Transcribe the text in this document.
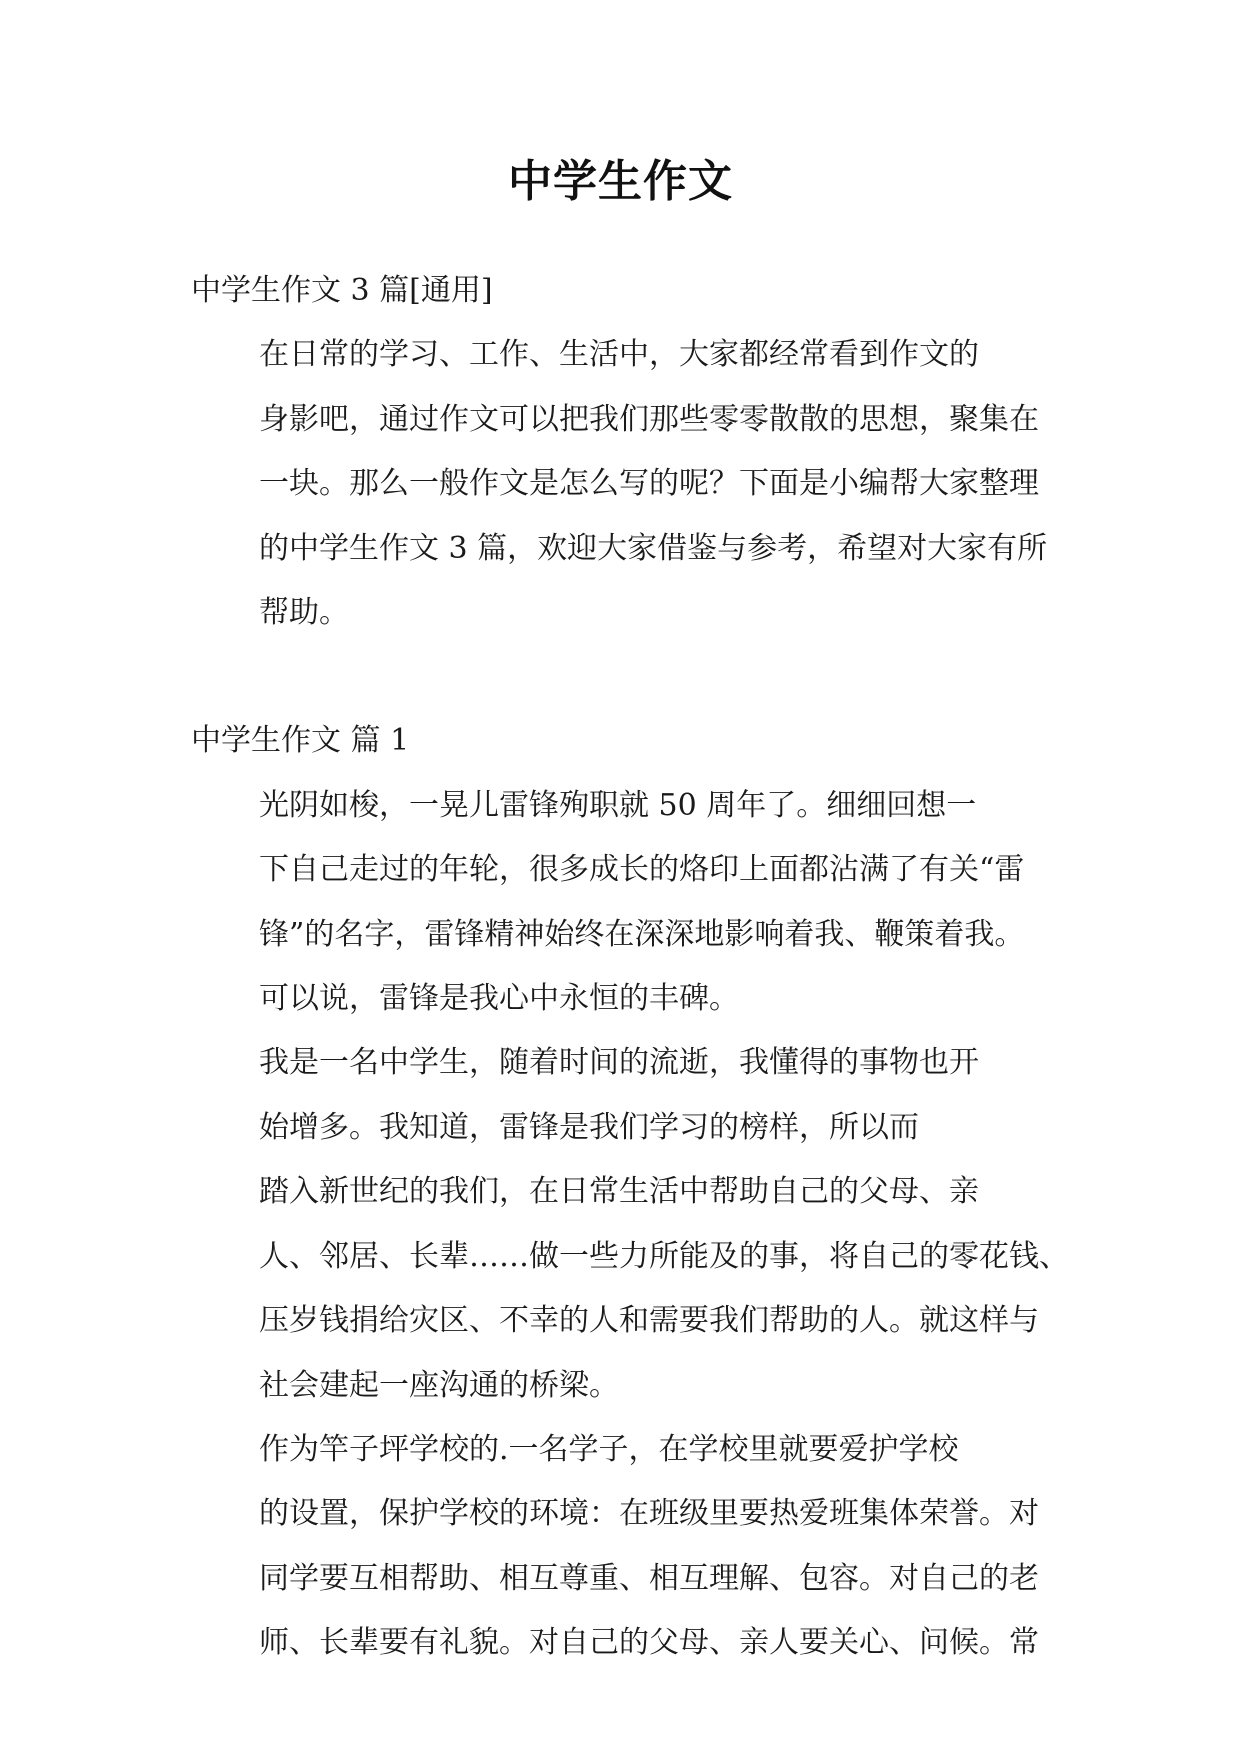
中学生作文

中学生作文 3 篇[通用]

在日常的学习、工作、生活中，大家都经常看到作文的
身影吧，通过作文可以把我们那些零零散散的思想，聚集在
一块。那么一般作文是怎么写的呢？下面是小编帮大家整理
的中学生作文 3 篇，欢迎大家借鉴与参考，希望对大家有所
帮助。

中学生作文 篇 1

光阴如梭，一晃儿雷锋殉职就 50 周年了。细细回想一
下自己走过的年轮，很多成长的烙印上面都沾满了有关“雷
锋”的名字，雷锋精神始终在深深地影响着我、鞭策着我。
可以说，雷锋是我心中永恒的丰碑。

我是一名中学生，随着时间的流逝，我懂得的事物也开
始增多。我知道，雷锋是我们学习的榜样，所以而

踏入新世纪的我们，在日常生活中帮助自己的父母、亲
人、邻居、长辈……做一些力所能及的事，将自己的零花钱、
压岁钱捐给灾区、不幸的人和需要我们帮助的人。就这样与
社会建起一座沟通的桥梁。

作为竿子坪学校的.一名学子，在学校里就要爱护学校
的设置，保护学校的环境：在班级里要热爱班集体荣誉。对
同学要互相帮助、相互尊重、相互理解、包容。对自己的老
师、长辈要有礼貌。对自己的父母、亲人要关心、问候。常
